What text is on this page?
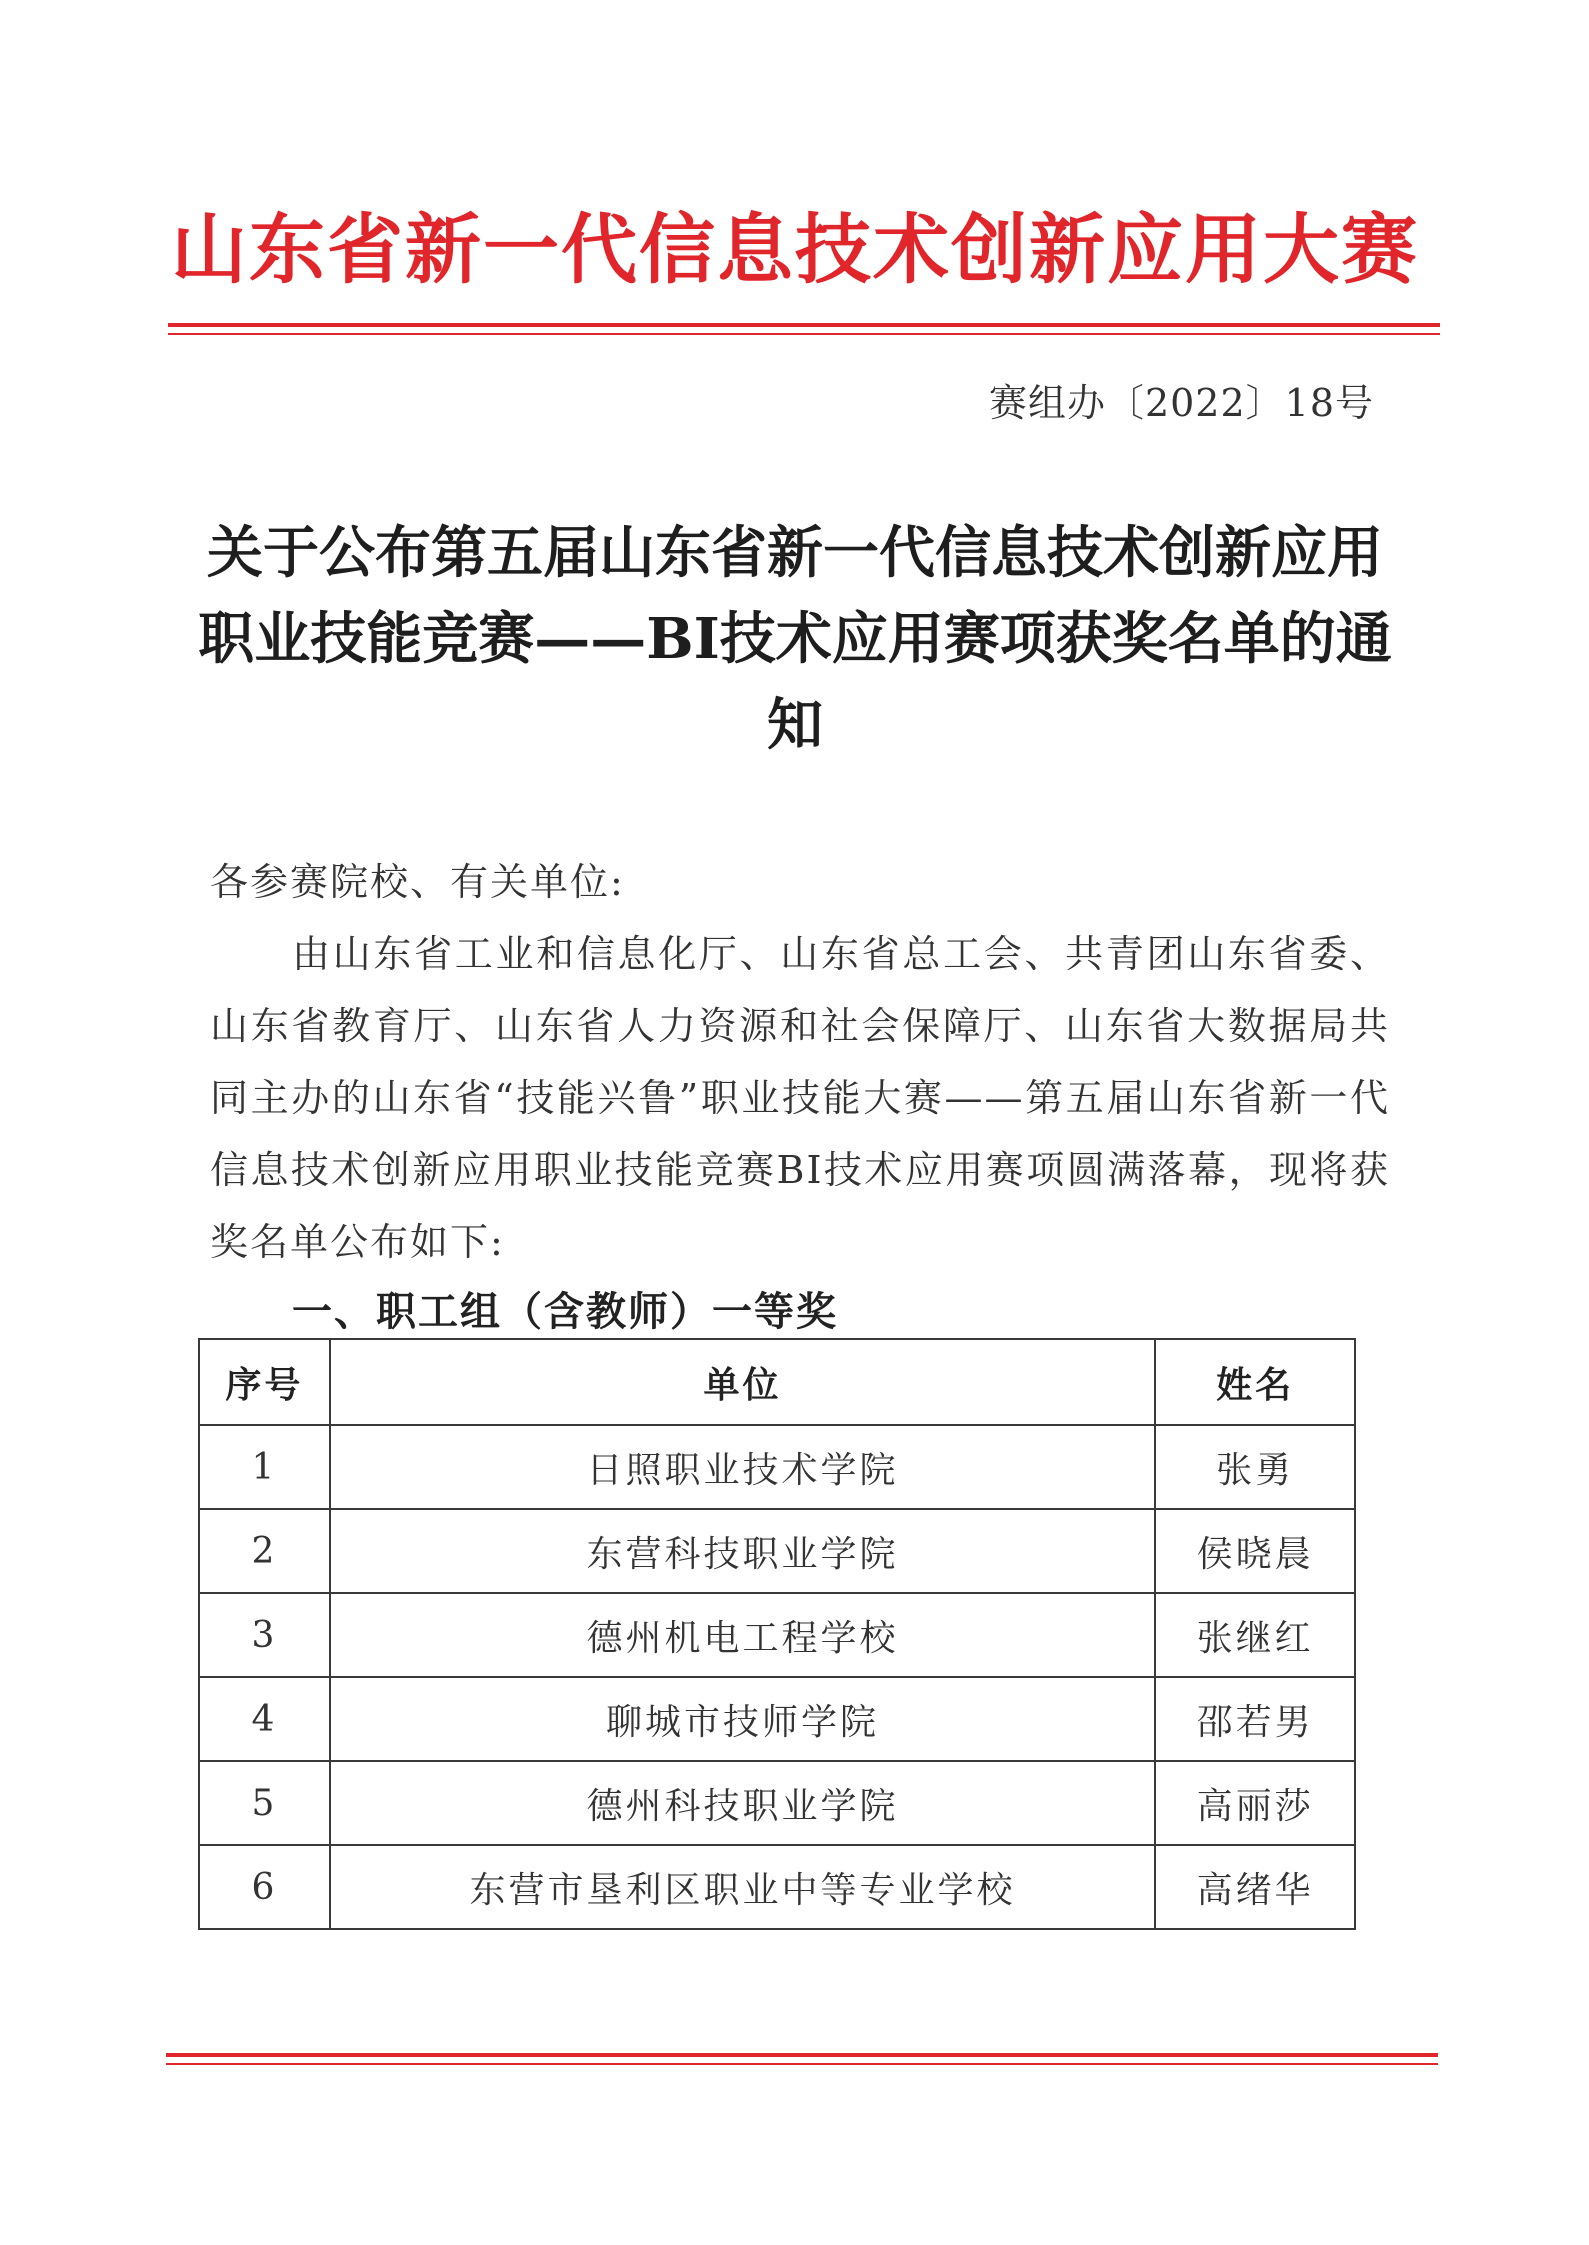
山东省新一代信息技术创新应用大赛
赛组办〔2022〕18号
关于公布第五届山东省新一代信息技术创新应用职业技能竞赛——BI技术应用赛项获奖名单的通知
各参赛院校、有关单位:
由山东省工业和信息化厅、山东省总工会、共青团山东省委、山东省教育厅、山东省人力资源和社会保障厅、山东省大数据局共同主办的山东省“技能兴鲁”职业技能大赛——第五届山东省新一代信息技术创新应用职业技能竞赛BI技术应用赛项圆满落幕，现将获奖名单公布如下:
一、职工组（含教师）一等奖
序号	单位	姓名
1	日照职业技术学院	张勇
2	东营科技职业学院	侯晓晨
3	德州机电工程学校	张继红
4	聊城市技师学院	邵若男
5	德州科技职业学院	高丽莎
6	东营市垦利区职业中等专业学校	高绪华
